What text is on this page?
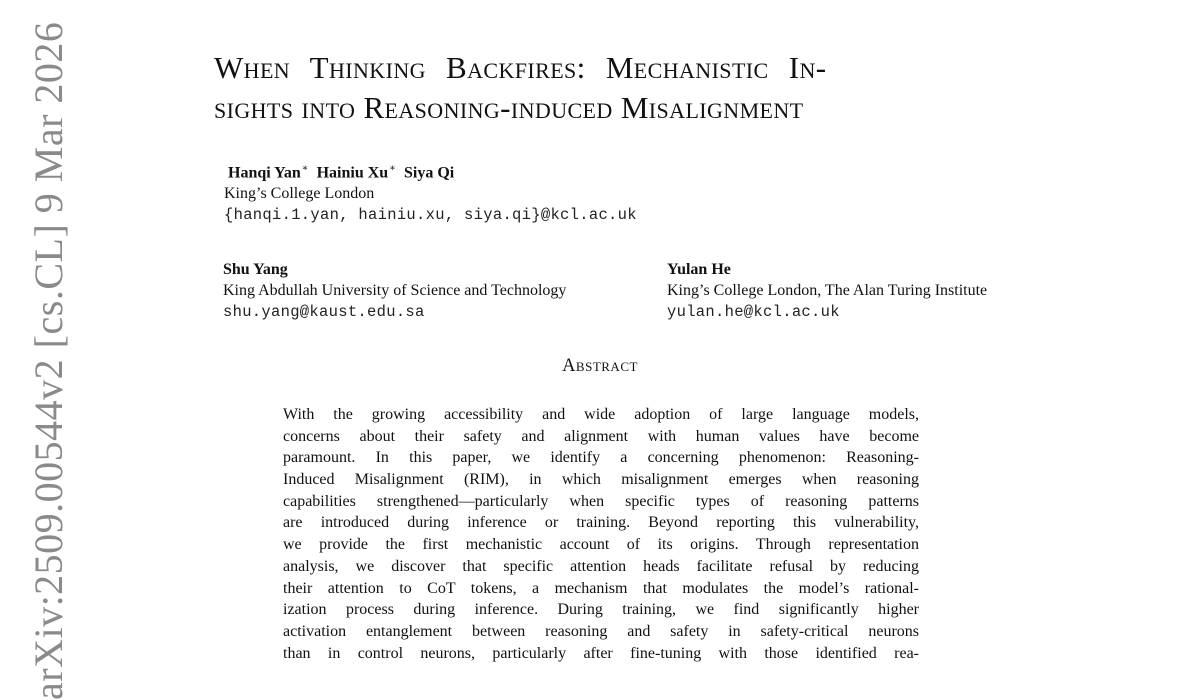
When Thinking Backfires: Mechanistic In-
sights into Reasoning-induced Misalignment
Hanqi Yan∗ Hainiu Xu∗ Siya Qi
King’s College London
{hanqi.1.yan, hainiu.xu, siya.qi}@kcl.ac.uk
Shu Yang
King Abdullah University of Science and Technology
shu.yang@kaust.edu.sa
Yulan He
King’s College London, The Alan Turing Institute
yulan.he@kcl.ac.uk
Abstract
With the growing accessibility and wide adoption of large language models,
concerns about their safety and alignment with human values have become
paramount. In this paper, we identify a concerning phenomenon: Reasoning-
Induced Misalignment (RIM), in which misalignment emerges when reasoning
capabilities strengthened—particularly when specific types of reasoning patterns
are introduced during inference or training. Beyond reporting this vulnerability,
we provide the first mechanistic account of its origins. Through representation
analysis, we discover that specific attention heads facilitate refusal by reducing
their attention to CoT tokens, a mechanism that modulates the model’s rational-
ization process during inference. During training, we find significantly higher
activation entanglement between reasoning and safety in safety-critical neurons
than in control neurons, particularly after fine-tuning with those identified rea-
arXiv:2509.00544v2 [cs.CL] 9 Mar 2026
